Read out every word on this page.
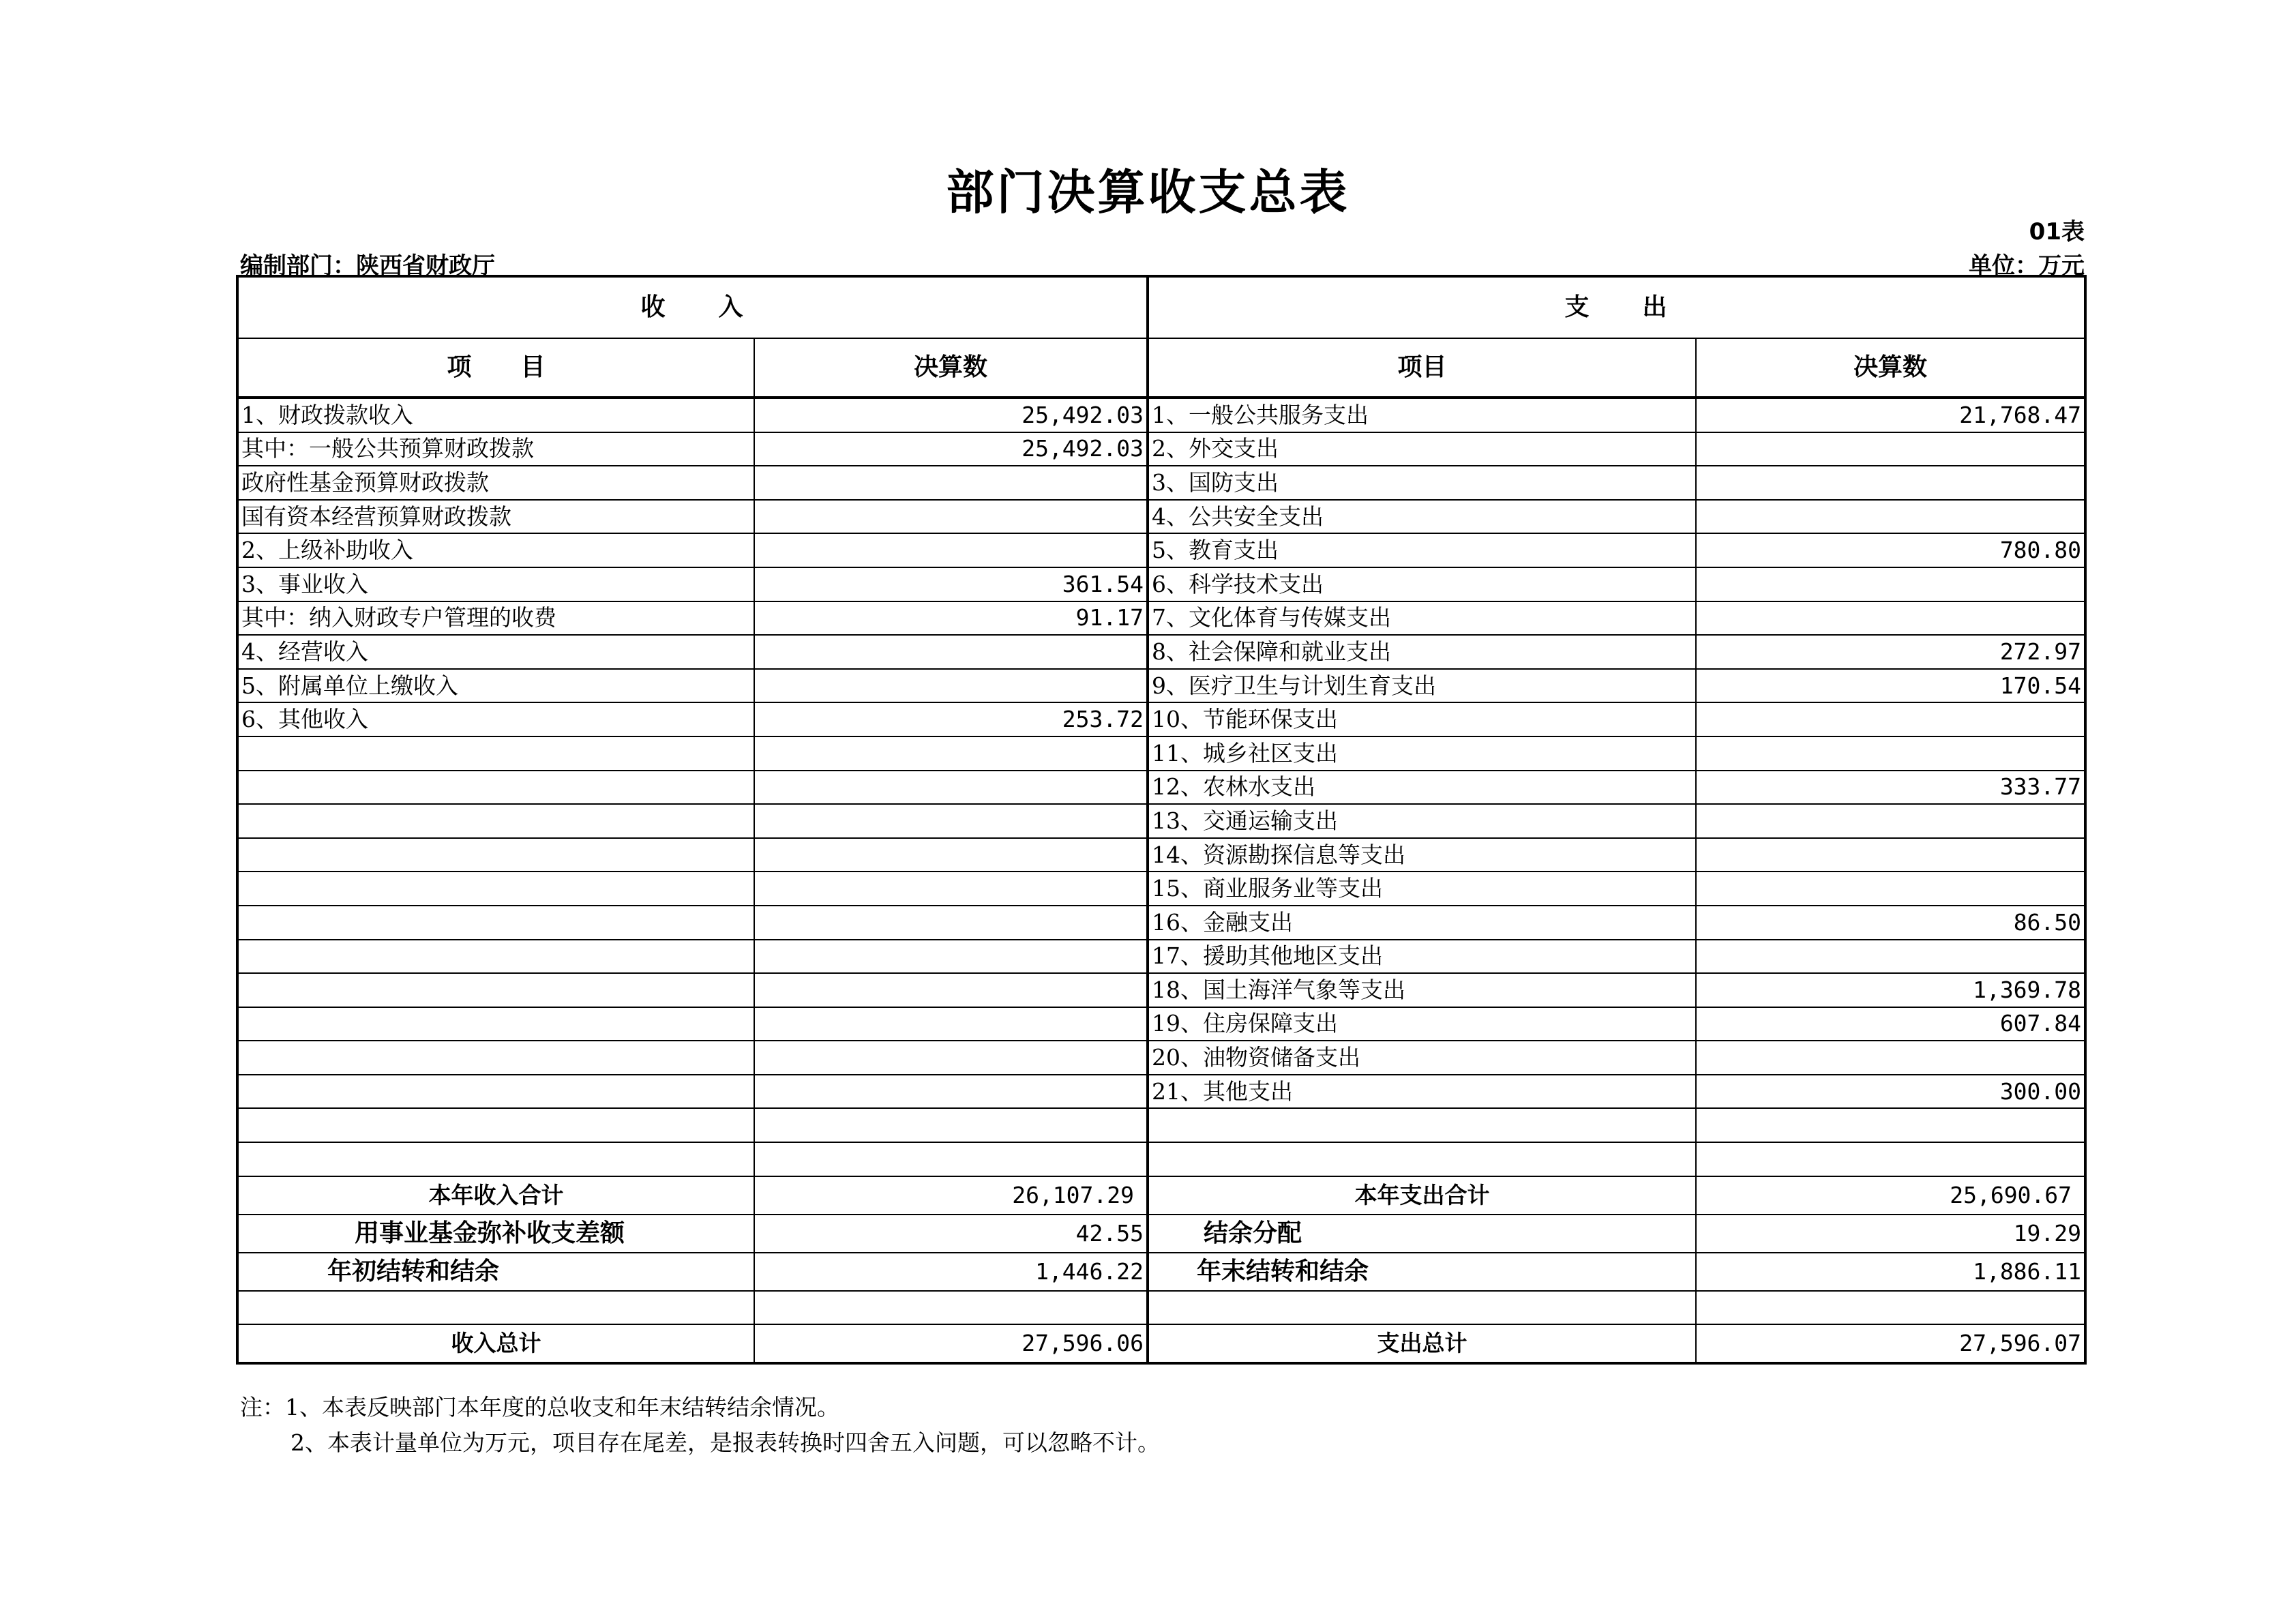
部门决算收支总表
01表
编制部门：陕西省财政厅	单位：万元
收　　入		支　　出	
项　　目	决算数	项目	决算数
1、财政拨款收入	25,492.03	1、一般公共服务支出	21,768.47
其中：一般公共预算财政拨款	25,492.03	2、外交支出	
政府性基金预算财政拨款		3、国防支出	
国有资本经营预算财政拨款		4、公共安全支出	
2、上级补助收入		5、教育支出	780.80
3、事业收入	361.54	6、科学技术支出	
其中：纳入财政专户管理的收费	91.17	7、文化体育与传媒支出	
4、经营收入		8、社会保障和就业支出	272.97
5、附属单位上缴收入		9、医疗卫生与计划生育支出	170.54
6、其他收入	253.72	10、节能环保支出	
		11、城乡社区支出	
		12、农林水支出	333.77
		13、交通运输支出	
		14、资源勘探信息等支出	
		15、商业服务业等支出	
		16、金融支出	86.50
		17、援助其他地区支出	
		18、国土海洋气象等支出	1,369.78
		19、住房保障支出	607.84
		20、油物资储备支出	
		21、其他支出	300.00

本年收入合计	26,107.29	本年支出合计	25,690.67
用事业基金弥补收支差额	42.55	结余分配	19.29
年初结转和结余	1,446.22	年末结转和结余	1,886.11

收入总计	27,596.06	支出总计	27,596.07
注：1、本表反映部门本年度的总收支和年末结转结余情况。
2、本表计量单位为万元，项目存在尾差，是报表转换时四舍五入问题，可以忽略不计。
